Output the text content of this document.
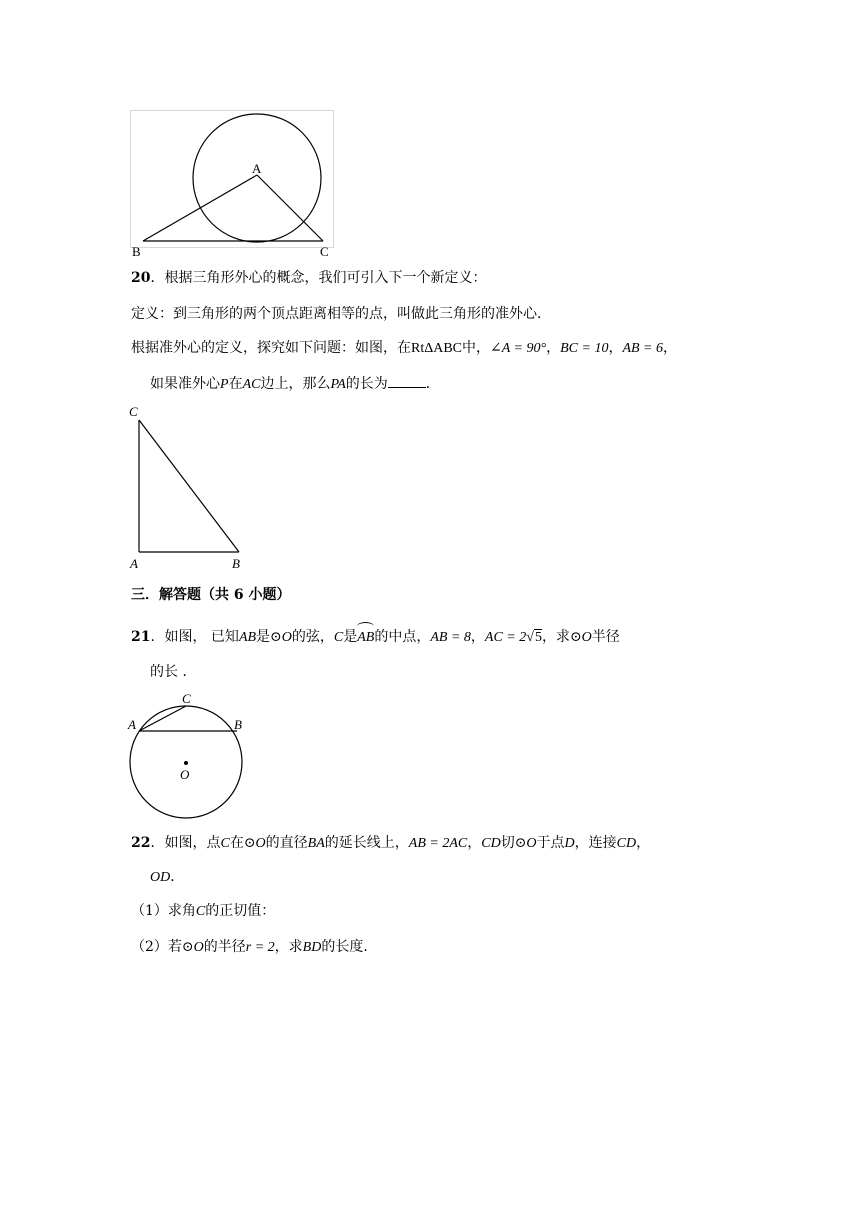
A
B	C
20．根据三角形外心的概念，我们可引入下一个新定义：
定义：到三角形的两个顶点距离相等的点，叫做此三角形的准外心．
根据准外心的定义，探究如下问题：如图，在RtΔABC中，∠A = 90°，BC = 10，AB = 6，
如果准外心P在AC边上，那么PA的长为	．
C
A	B
三．解答题（共 6 小题）
21．如图， 已知AB是⊙O的弦，C是AB的中点，AB = 8，AC = 2√5，求⊙O半径
的长 ．
C
A	B
O
22．如图，点C在⊙O的直径BA的延长线上，AB = 2AC，CD切⊙O于点D，连接CD，
OD．
（1）求角C的正切值：
（2）若⊙O的半径r = 2，求BD的长度．
